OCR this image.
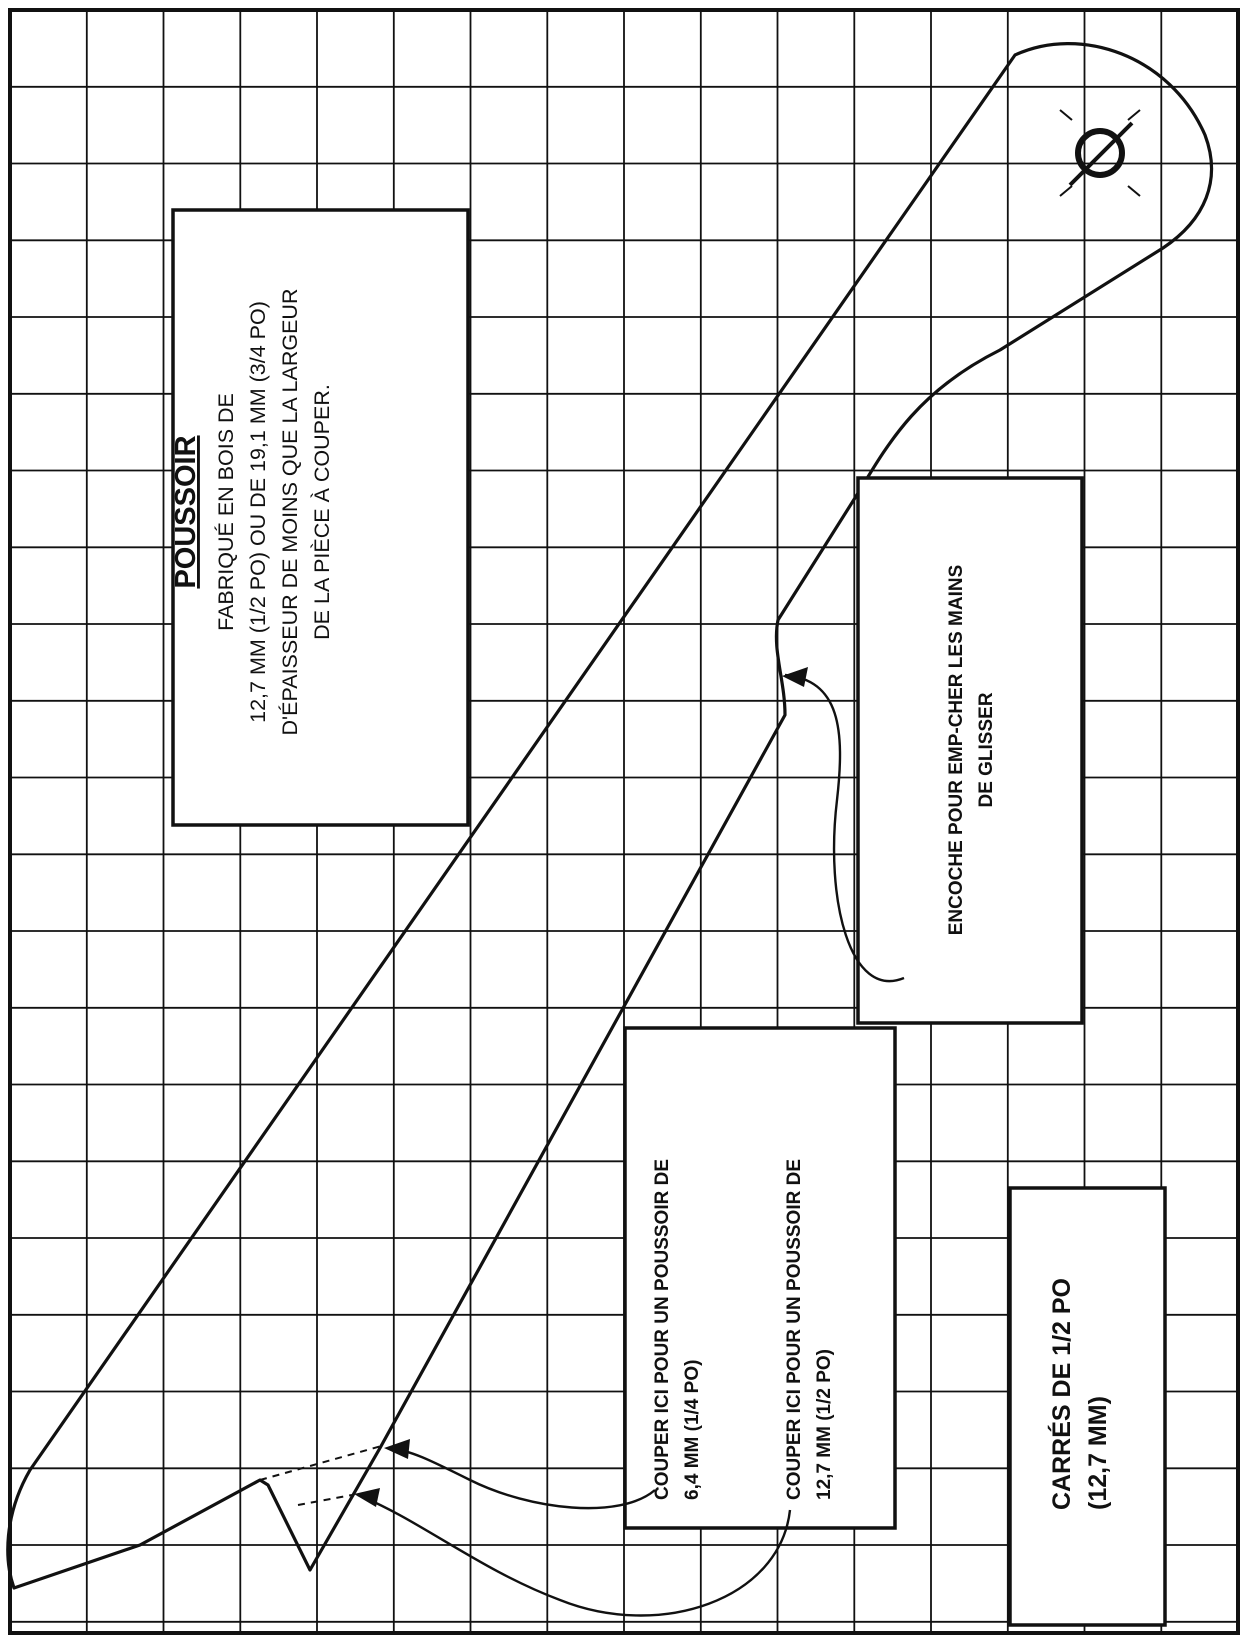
POUSSOIR FABRIQUÉ EN BOIS DE 12,7 MM (1/2 PO) OU DE 19,1 MM (3/4 PO) D'ÉPAISSEUR DE MOINS QUE LA LARGEUR DE LA PIÈCE À COUPER.
ENCOCHE POUR EMP-CHER LES MAINS DE GLISSER
COUPER ICI POUR UN POUSSOIR DE 6,4 MM (1/4 PO)	COUPER ICI POUR UN POUSSOIR DE 12,7 MM (1/2 PO)	CARRÉS DE 1/2 PO (12,7 MM)
